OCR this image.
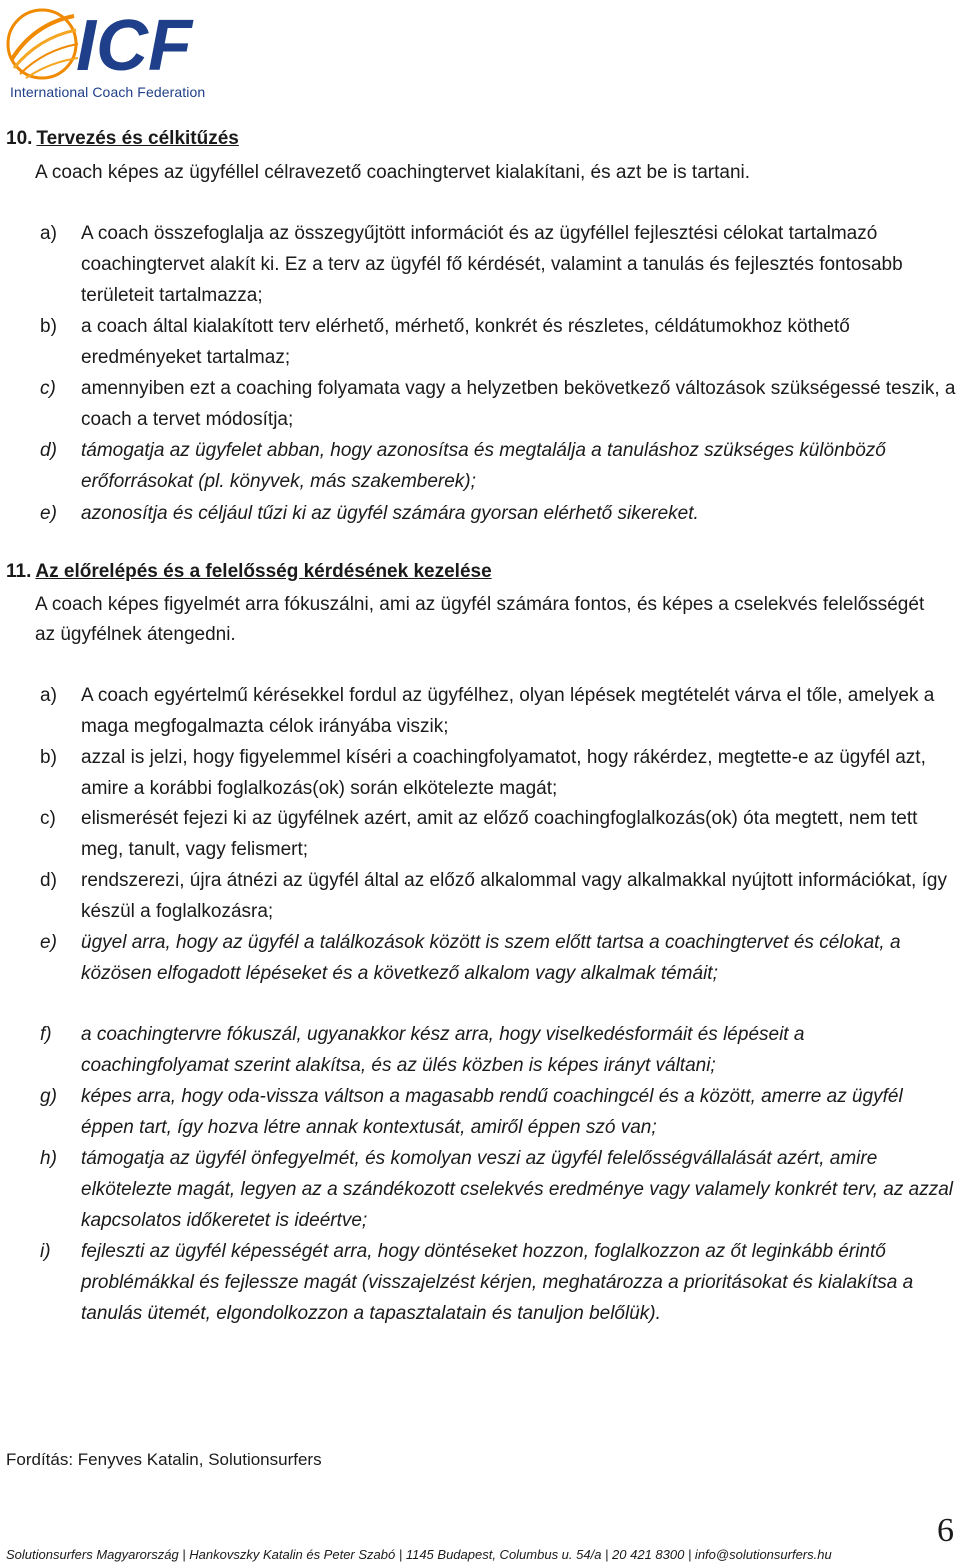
ICF
International Coach Federation
10. Tervezés és célkitűzés
A coach képes az ügyféllel célravezető coachingtervet kialakítani, és azt be is tartani.
a)	A coach összefoglalja az összegyűjtött információt és az ügyféllel fejlesztési célokat tartalmazó coachingtervet alakít ki. Ez a terv az ügyfél fő kérdését, valamint a tanulás és fejlesztés fontosabb területeit tartalmazza;
b)	a coach által kialakított terv elérhető, mérhető, konkrét és részletes, céldátumokhoz köthető eredményeket tartalmaz;
c)	amennyiben ezt a coaching folyamata vagy a helyzetben bekövetkező változások szükségessé teszik, a coach a tervet módosítja;
d)	támogatja az ügyfelet abban, hogy azonosítsa és megtalálja a tanuláshoz szükséges különböző erőforrásokat (pl. könyvek, más szakemberek);
e)	azonosítja és céljául tűzi ki az ügyfél számára gyorsan elérhető sikereket.
11. Az előrelépés és a felelősség kérdésének kezelése
A coach képes figyelmét arra fókuszálni, ami az ügyfél számára fontos, és képes a cselekvés felelősségét az ügyfélnek átengedni.
a)	A coach egyértelmű kérésekkel fordul az ügyfélhez, olyan lépések megtételét várva el tőle, amelyek a maga megfogalmazta célok irányába viszik;
b)	azzal is jelzi, hogy figyelemmel kíséri a coachingfolyamatot, hogy rákérdez, megtette-e az ügyfél azt, amire a korábbi foglalkozás(ok) során elkötelezte magát;
c)	elismerését fejezi ki az ügyfélnek azért, amit az előző coachingfoglalkozás(ok) óta megtett, nem tett meg, tanult, vagy felismert;
d)	rendszerezi, újra átnézi az ügyfél által az előző alkalommal vagy alkalmakkal nyújtott információkat, így készül a foglalkozásra;
e)	ügyel arra, hogy az ügyfél a találkozások között is szem előtt tartsa a coachingtervet és célokat, a közösen elfogadott lépéseket és a következő alkalom vagy alkalmak témáit;
f)	a coachingtervre fókuszál, ugyanakkor kész arra, hogy viselkedésformáit és lépéseit a coachingfolyamat szerint alakítsa, és az ülés közben is képes irányt váltani;
g)	képes arra, hogy oda-vissza váltson a magasabb rendű coachingcél és a között, amerre az ügyfél éppen tart, így hozva létre annak kontextusát, amiről éppen szó van;
h)	támogatja az ügyfél önfegyelmét, és komolyan veszi az ügyfél felelősségvállalását azért, amire elkötelezte magát, legyen az a szándékozott cselekvés eredménye vagy valamely konkrét terv, az azzal kapcsolatos időkeretet is ideértve;
i)	fejleszti az ügyfél képességét arra, hogy döntéseket hozzon, foglalkozzon az őt leginkább érintő problémákkal és fejlessze magát (visszajelzést kérjen, meghatározza a prioritásokat és kialakítsa a tanulás ütemét, elgondolkozzon a tapasztalatain és tanuljon belőlük).
Fordítás: Fenyves Katalin, Solutionsurfers
Solutionsurfers Magyarország | Hankovszky Katalin és Peter Szabó | 1145 Budapest, Columbus u. 54/a | 20 421 8300 | info@solutionsurfers.hu
6
